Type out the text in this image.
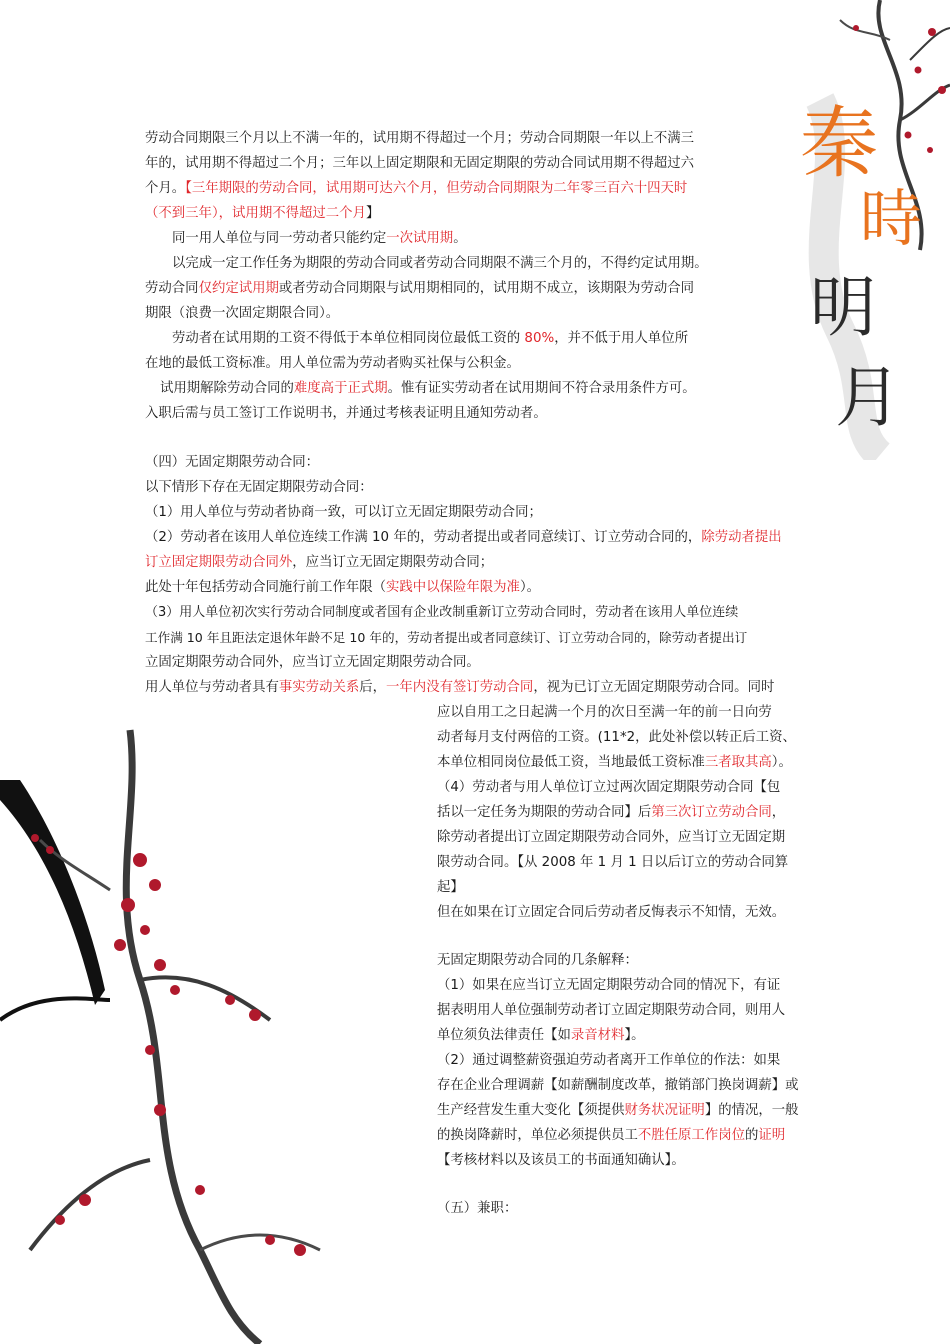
秦
時
明
月
劳动合同期限三个月以上不满一年的，试用期不得超过一个月；劳动合同期限一年以上不满三
年的，试用期不得超过二个月；三年以上固定期限和无固定期限的劳动合同试用期不得超过六
个月。【三年期限的劳动合同，试用期可达六个月，但劳动合同期限为二年零三百六十四天时
（不到三年），试用期不得超过二个月】
同一用人单位与同一劳动者只能约定一次试用期。
以完成一定工作任务为期限的劳动合同或者劳动合同期限不满三个月的，不得约定试用期。
劳动合同仅约定试用期或者劳动合同期限与试用期相同的，试用期不成立，该期限为劳动合同
期限（浪费一次固定期限合同）。
劳动者在试用期的工资不得低于本单位相同岗位最低工资的 80%，并不低于用人单位所
在地的最低工资标准。用人单位需为劳动者购买社保与公积金。
试用期解除劳动合同的难度高于正式期。惟有证实劳动者在试用期间不符合录用条件方可。
入职后需与员工签订工作说明书，并通过考核表证明且通知劳动者。
（四）无固定期限劳动合同：
以下情形下存在无固定期限劳动合同：
（1）用人单位与劳动者协商一致，可以订立无固定期限劳动合同；
（2）劳动者在该用人单位连续工作满 10 年的，劳动者提出或者同意续订、订立劳动合同的，除劳动者提出
订立固定期限劳动合同外，应当订立无固定期限劳动合同；
此处十年包括劳动合同施行前工作年限（实践中以保险年限为准）。
（3）用人单位初次实行劳动合同制度或者国有企业改制重新订立劳动合同时，劳动者在该用人单位连续
工作满 10 年且距法定退休年龄不足 10 年的，劳动者提出或者同意续订、订立劳动合同的，除劳动者提出订
立固定期限劳动合同外，应当订立无固定期限劳动合同。
用人单位与劳动者具有事实劳动关系后，一年内没有签订劳动合同，视为已订立无固定期限劳动合同。同时
应以自用工之日起满一个月的次日至满一年的前一日向劳
动者每月支付两倍的工资。(11*2，此处补偿以转正后工资、
本单位相同岗位最低工资，当地最低工资标准三者取其高）。
（4）劳动者与用人单位订立过两次固定期限劳动合同【包
括以一定任务为期限的劳动合同】后第三次订立劳动合同，
除劳动者提出订立固定期限劳动合同外，应当订立无固定期
限劳动合同。【从 2008 年 1 月 1 日以后订立的劳动合同算
起】
但在如果在订立固定合同后劳动者反悔表示不知情，无效。
无固定期限劳动合同的几条解释：
（1）如果在应当订立无固定期限劳动合同的情况下，有证
据表明用人单位强制劳动者订立固定期限劳动合同，则用人
单位须负法律责任【如录音材料】。
（2）通过调整薪资强迫劳动者离开工作单位的作法：如果
存在企业合理调薪【如薪酬制度改革，撤销部门换岗调薪】或
生产经营发生重大变化【须提供财务状况证明】的情况，一般
的换岗降薪时，单位必须提供员工不胜任原工作岗位的证明
【考核材料以及该员工的书面通知确认】。
（五）兼职：
